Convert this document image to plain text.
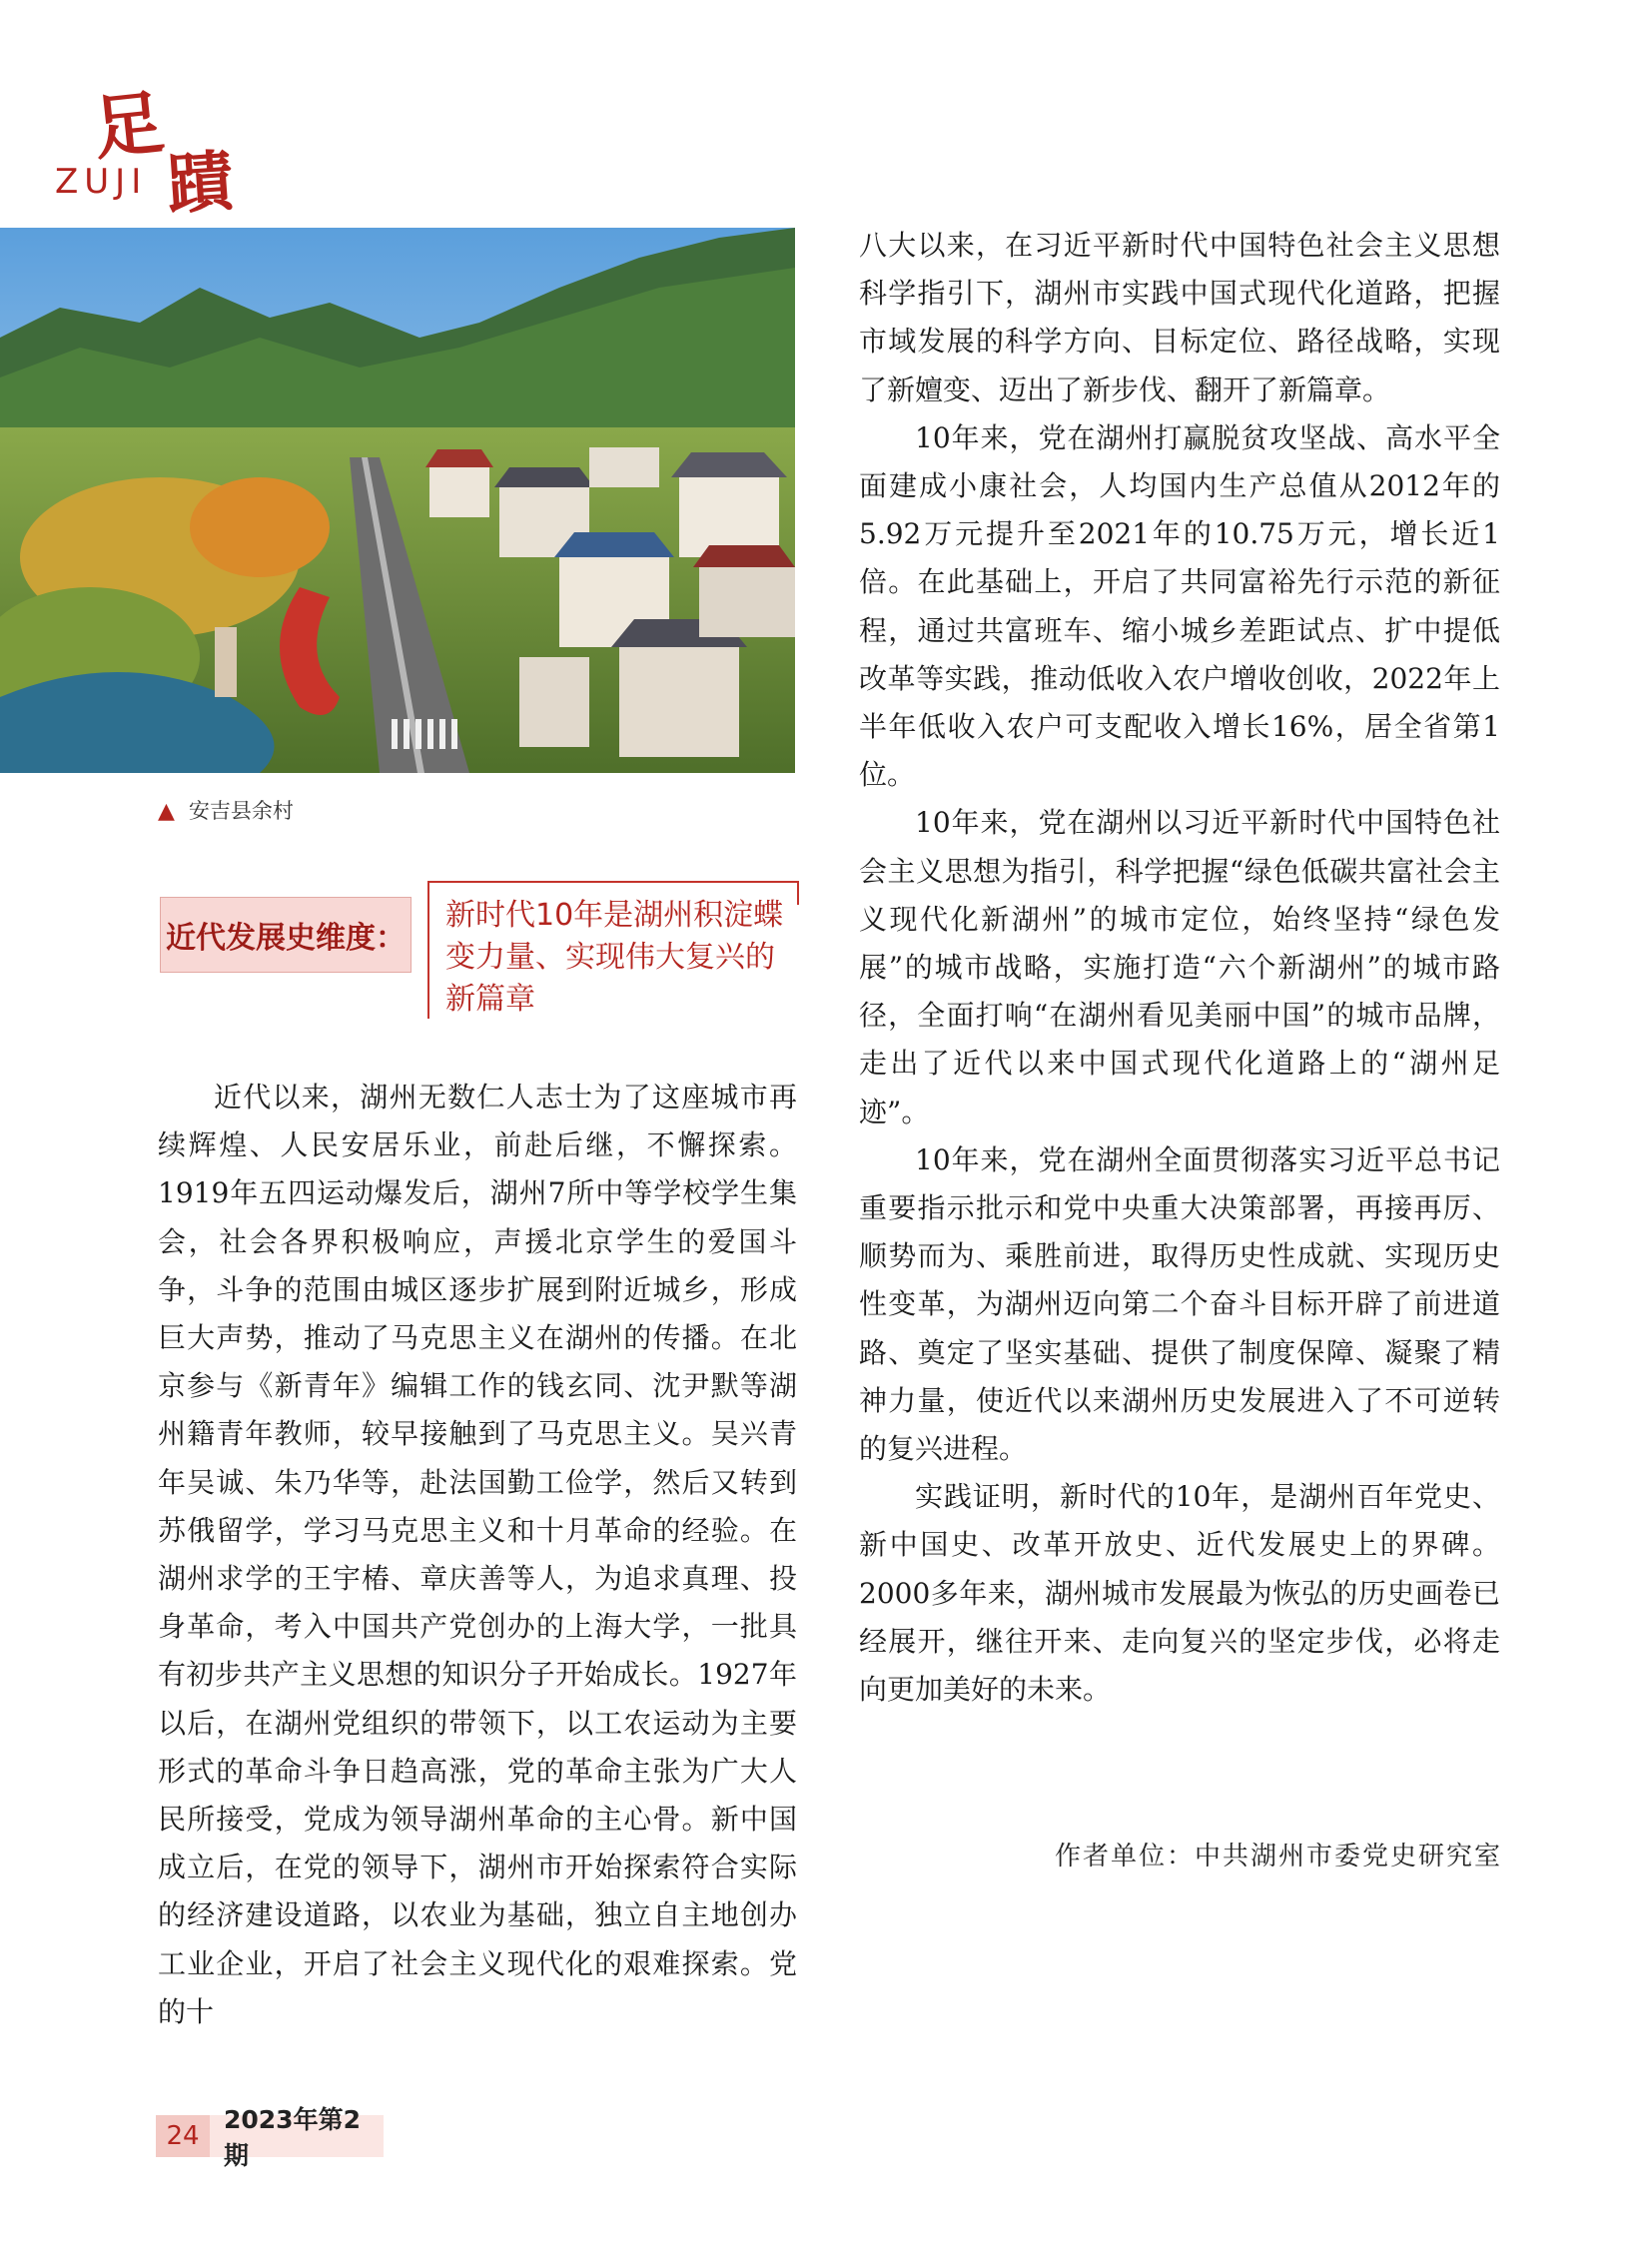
足
蹟
ZUJI
▲ 安吉县余村
近代发展史维度：
新时代10年是湖州积淀蝶变力量、实现伟大复兴的新篇章

近代以来，湖州无数仁人志士为了这座城市再续辉煌、人民安居乐业，前赴后继，不懈探索。1919年五四运动爆发后，湖州7所中等学校学生集会，社会各界积极响应，声援北京学生的爱国斗争，斗争的范围由城区逐步扩展到附近城乡，形成巨大声势，推动了马克思主义在湖州的传播。在北京参与《新青年》编辑工作的钱玄同、沈尹默等湖州籍青年教师，较早接触到了马克思主义。吴兴青年吴诚、朱乃华等，赴法国勤工俭学，然后又转到苏俄留学，学习马克思主义和十月革命的经验。在湖州求学的王宇椿、章庆善等人，为追求真理、投身革命，考入中国共产党创办的上海大学，一批具有初步共产主义思想的知识分子开始成长。1927年以后，在湖州党组织的带领下，以工农运动为主要形式的革命斗争日趋高涨，党的革命主张为广大人民所接受，党成为领导湖州革命的主心骨。新中国成立后，在党的领导下，湖州市开始探索符合实际的经济建设道路，以农业为基础，独立自主地创办工业企业，开启了社会主义现代化的艰难探索。党的十

八大以来，在习近平新时代中国特色社会主义思想科学指引下，湖州市实践中国式现代化道路，把握市域发展的科学方向、目标定位、路径战略，实现了新嬗变、迈出了新步伐、翻开了新篇章。

10年来，党在湖州打赢脱贫攻坚战、高水平全面建成小康社会，人均国内生产总值从2012年的5.92万元提升至2021年的10.75万元，增长近1倍。在此基础上，开启了共同富裕先行示范的新征程，通过共富班车、缩小城乡差距试点、扩中提低改革等实践，推动低收入农户增收创收，2022年上半年低收入农户可支配收入增长16%，居全省第1位。

10年来，党在湖州以习近平新时代中国特色社会主义思想为指引，科学把握“绿色低碳共富社会主义现代化新湖州”的城市定位，始终坚持“绿色发展”的城市战略，实施打造“六个新湖州”的城市路径，全面打响“在湖州看见美丽中国”的城市品牌，走出了近代以来中国式现代化道路上的“湖州足迹”。

10年来，党在湖州全面贯彻落实习近平总书记重要指示批示和党中央重大决策部署，再接再厉、顺势而为、乘胜前进，取得历史性成就、实现历史性变革，为湖州迈向第二个奋斗目标开辟了前进道路、奠定了坚实基础、提供了制度保障、凝聚了精神力量，使近代以来湖州历史发展进入了不可逆转的复兴进程。

实践证明，新时代的10年，是湖州百年党史、新中国史、改革开放史、近代发展史上的界碑。2000多年来，湖州城市发展最为恢弘的历史画卷已经展开，继往开来、走向复兴的坚定步伐，必将走向更加美好的未来。

作者单位：中共湖州市委党史研究室
24
2023年第2期
